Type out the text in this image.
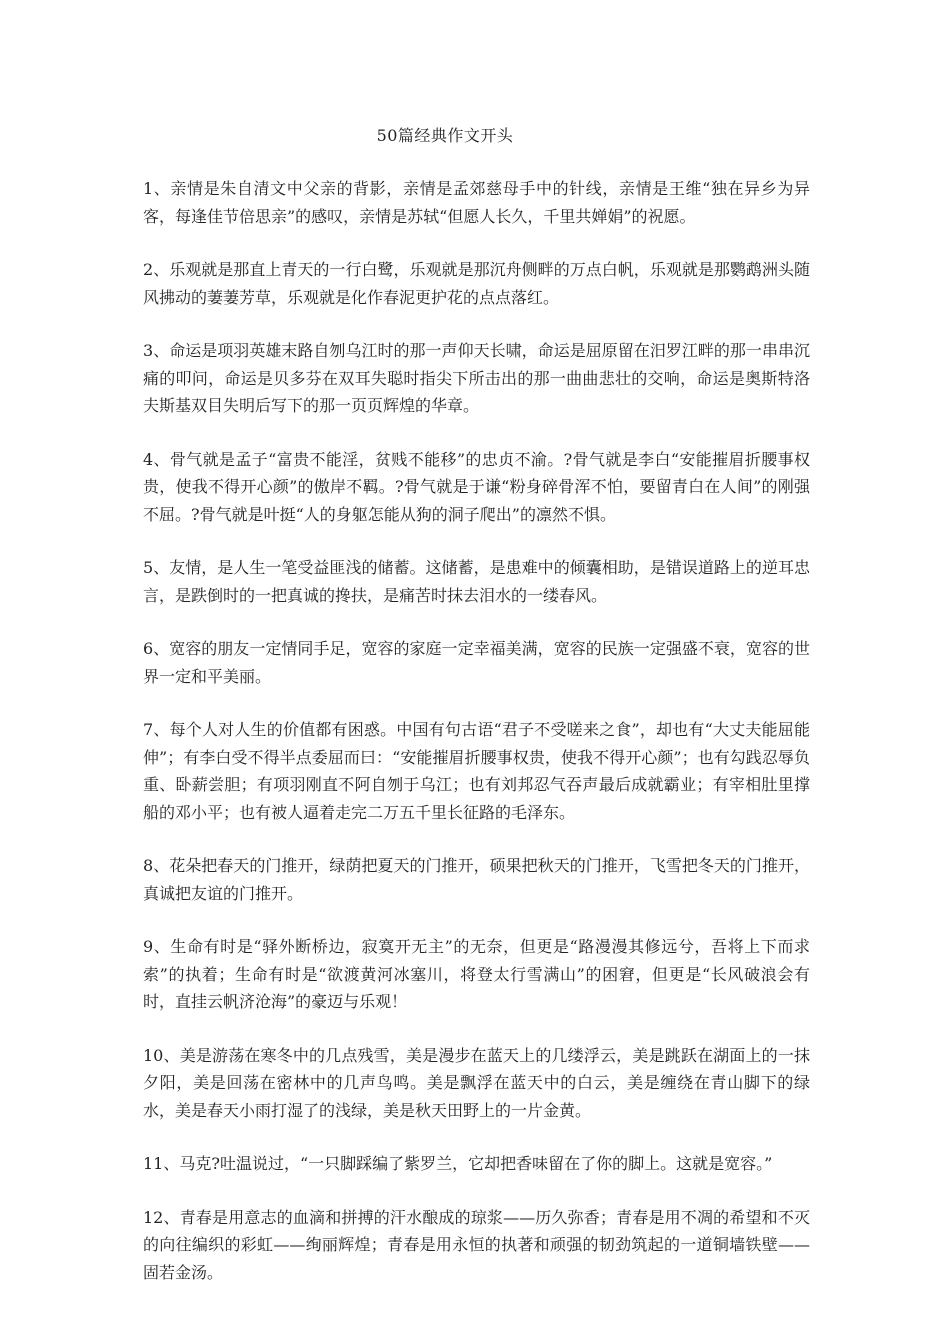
50篇经典作文开头

1、亲情是朱自清文中父亲的背影，亲情是孟郊慈母手中的针线，亲情是王维“独在异乡为异客，每逢佳节倍思亲”的感叹，亲情是苏轼“但愿人长久，千里共婵娟”的祝愿。

2、乐观就是那直上青天的一行白鹭，乐观就是那沉舟侧畔的万点白帆，乐观就是那鹦鹉洲头随风拂动的萋萋芳草，乐观就是化作春泥更护花的点点落红。

3、命运是项羽英雄末路自刎乌江时的那一声仰天长啸，命运是屈原留在汨罗江畔的那一串串沉痛的叩问，命运是贝多芬在双耳失聪时指尖下所击出的那一曲曲悲壮的交响，命运是奥斯特洛夫斯基双目失明后写下的那一页页辉煌的华章。

4、骨气就是孟子“富贵不能淫，贫贱不能移”的忠贞不渝。?骨气就是李白“安能摧眉折腰事权贵，使我不得开心颜”的傲岸不羁。?骨气就是于谦“粉身碎骨浑不怕，要留青白在人间”的刚强不屈。?骨气就是叶挺“人的身躯怎能从狗的洞子爬出”的凛然不惧。

5、友情，是人生一笔受益匪浅的储蓄。这储蓄，是患难中的倾囊相助，是错误道路上的逆耳忠言，是跌倒时的一把真诚的搀扶，是痛苦时抹去泪水的一缕春风。

6、宽容的朋友一定情同手足，宽容的家庭一定幸福美满，宽容的民族一定强盛不衰，宽容的世界一定和平美丽。

7、每个人对人生的价值都有困惑。中国有句古语“君子不受嗟来之食”，却也有“大丈夫能屈能伸”；有李白受不得半点委屈而曰：“安能摧眉折腰事权贵，使我不得开心颜”；也有勾践忍辱负重、卧薪尝胆；有项羽刚直不阿自刎于乌江；也有刘邦忍气吞声最后成就霸业；有宰相肚里撑船的邓小平；也有被人逼着走完二万五千里长征路的毛泽东。

8、花朵把春天的门推开，绿荫把夏天的门推开，硕果把秋天的门推开，飞雪把冬天的门推开，真诚把友谊的门推开。

9、生命有时是“驿外断桥边，寂寞开无主”的无奈，但更是“路漫漫其修远兮，吾将上下而求索”的执着；生命有时是“欲渡黄河冰塞川，将登太行雪满山”的困窘，但更是“长风破浪会有时，直挂云帆济沧海”的豪迈与乐观！

10、美是游荡在寒冬中的几点残雪，美是漫步在蓝天上的几缕浮云，美是跳跃在湖面上的一抹夕阳，美是回荡在密林中的几声鸟鸣。美是飘浮在蓝天中的白云，美是缠绕在青山脚下的绿水，美是春天小雨打湿了的浅绿，美是秋天田野上的一片金黄。

11、马克?吐温说过，“一只脚踩编了紫罗兰，它却把香味留在了你的脚上。这就是宽容。”

12、青春是用意志的血滴和拼搏的汗水酿成的琼浆——历久弥香；青春是用不凋的希望和不灭的向往编织的彩虹——绚丽辉煌；青春是用永恒的执著和顽强的韧劲筑起的一道铜墙铁壁——固若金汤。
